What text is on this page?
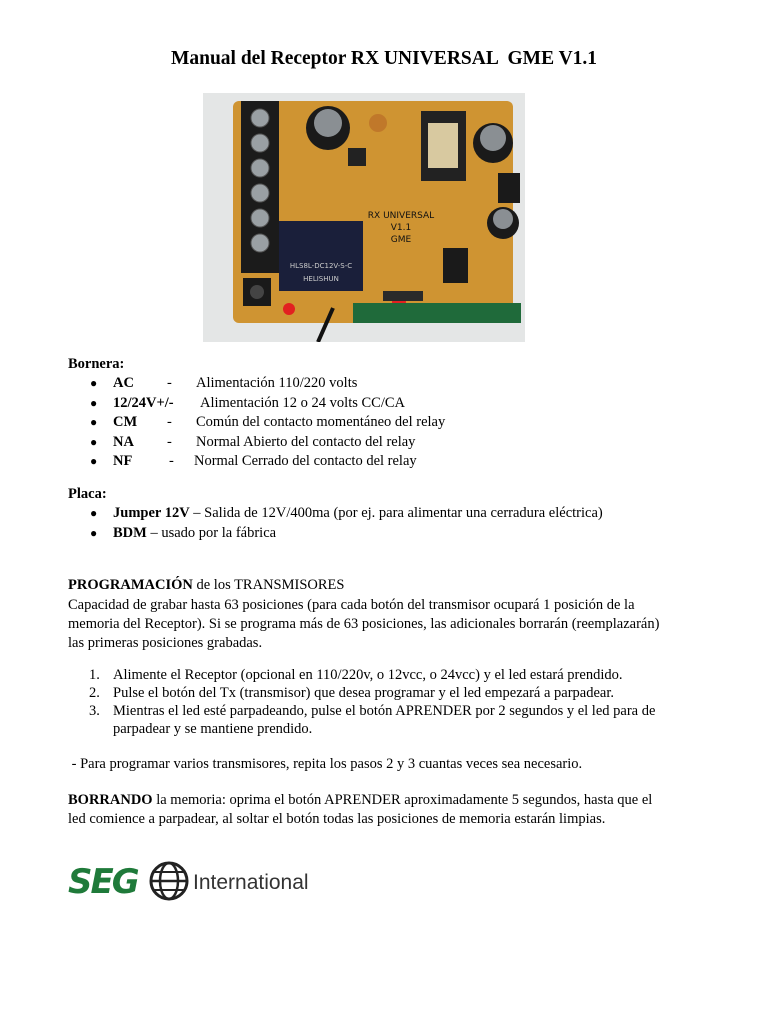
Manual del Receptor RX UNIVERSAL  GME V1.1
HLS8L-DC12V-S-C
HELISHUN
RX UNIVERSAL
V1.1
GME
Bornera:
● AC - Alimentación 110/220 volts
● 12/24V+/- Alimentación 12 o 24 volts CC/CA
● CM - Común del contacto momentáneo del relay
● NA - Normal Abierto del contacto del relay
● NF	- Normal Cerrado del contacto del relay
Placa:
● Jumper 12V – Salida de 12V/400ma (por ej. para alimentar una cerradura eléctrica)
● BDM – usado por la fábrica
PROGRAMACIÓN de los TRANSMISORES
Capacidad de grabar hasta 63 posiciones (para cada botón del transmisor ocupará 1 posición de la
memoria del Receptor). Si se programa más de 63 posiciones, las adicionales borrarán (reemplazarán)
las primeras posiciones grabadas.
1. Alimente el Receptor (opcional en 110/220v, o 12vcc, o 24vcc) y el led estará prendido.
2. Pulse el botón del Tx (transmisor) que desea programar y el led empezará a parpadear.
3. Mientras el led esté parpadeando, pulse el botón APRENDER por 2 segundos y el led para de
parpadear y se mantiene prendido.
- Para programar varios transmisores, repita los pasos 2 y 3 cuantas veces sea necesario.
BORRANDO la memoria: oprima el botón APRENDER aproximadamente 5 segundos, hasta que el
led comience a parpadear, al soltar el botón todas las posiciones de memoria estarán limpias.
SEG	International
